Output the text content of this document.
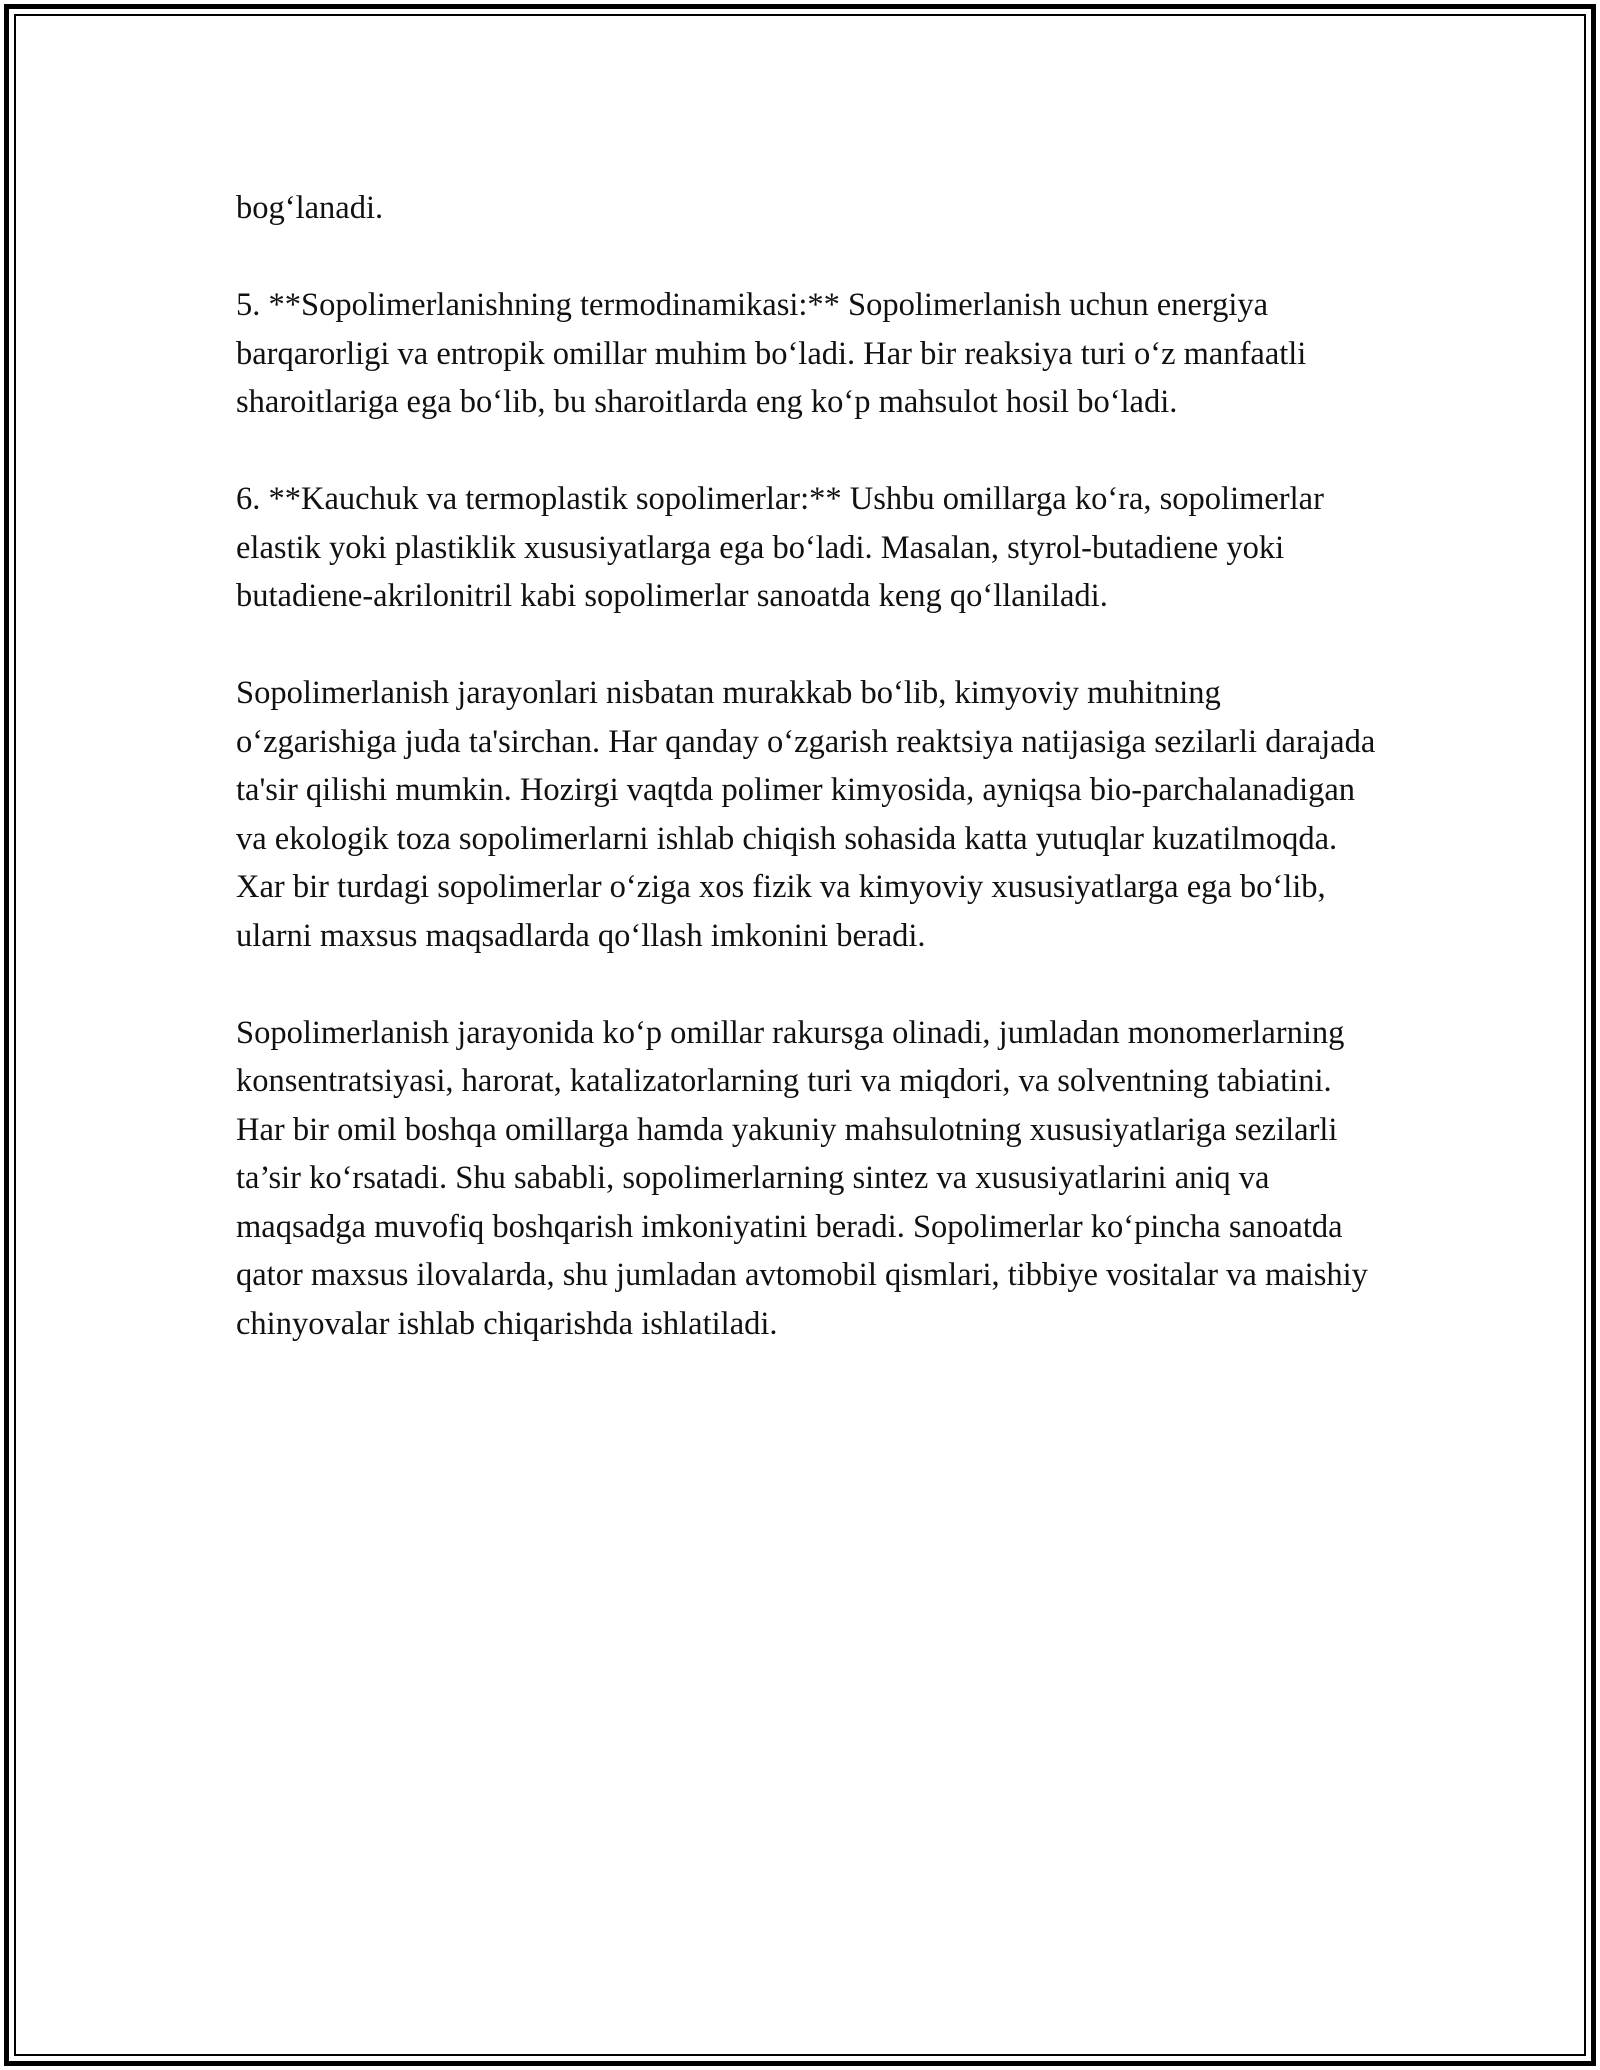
bog‘lanadi.

5. **Sopolimerlanishning termodinamikasi:** Sopolimerlanish uchun energiya barqarorligi va entropik omillar muhim bo‘ladi. Har bir reaksiya turi o‘z manfaatli sharoitlariga ega bo‘lib, bu sharoitlarda eng ko‘p mahsulot hosil bo‘ladi.

6. **Kauchuk va termoplastik sopolimerlar:** Ushbu omillarga ko‘ra, sopolimerlar elastik yoki plastiklik xususiyatlarga ega bo‘ladi. Masalan, styrol-butadiene yoki butadiene-akrilonitril kabi sopolimerlar sanoatda keng qo‘llaniladi.

Sopolimerlanish jarayonlari nisbatan murakkab bo‘lib, kimyoviy muhitning o‘zgarishiga juda ta'sirchan. Har qanday o‘zgarish reaktsiya natijasiga sezilarli darajada ta'sir qilishi mumkin. Hozirgi vaqtda polimer kimyosida, ayniqsa bio-parchalanadigan va ekologik toza sopolimerlarni ishlab chiqish sohasida katta yutuqlar kuzatilmoqda. Xar bir turdagi sopolimerlar o‘ziga xos fizik va kimyoviy xususiyatlarga ega bo‘lib, ularni maxsus maqsadlarda qo‘llash imkonini beradi.

Sopolimerlanish jarayonida ko‘p omillar rakursga olinadi, jumladan monomerlarning konsentratsiyasi, harorat, katalizatorlarning turi va miqdori, va solventning tabiatini. Har bir omil boshqa omillarga hamda yakuniy mahsulotning xususiyatlariga sezilarli ta’sir ko‘rsatadi. Shu sababli, sopolimerlarning sintez va xususiyatlarini aniq va maqsadga muvofiq boshqarish imkoniyatini beradi. Sopolimerlar ko‘pincha sanoatda qator maxsus ilovalarda, shu jumladan avtomobil qismlari, tibbiye vositalar va maishiy chinyovalar ishlab chiqarishda ishlatiladi.
